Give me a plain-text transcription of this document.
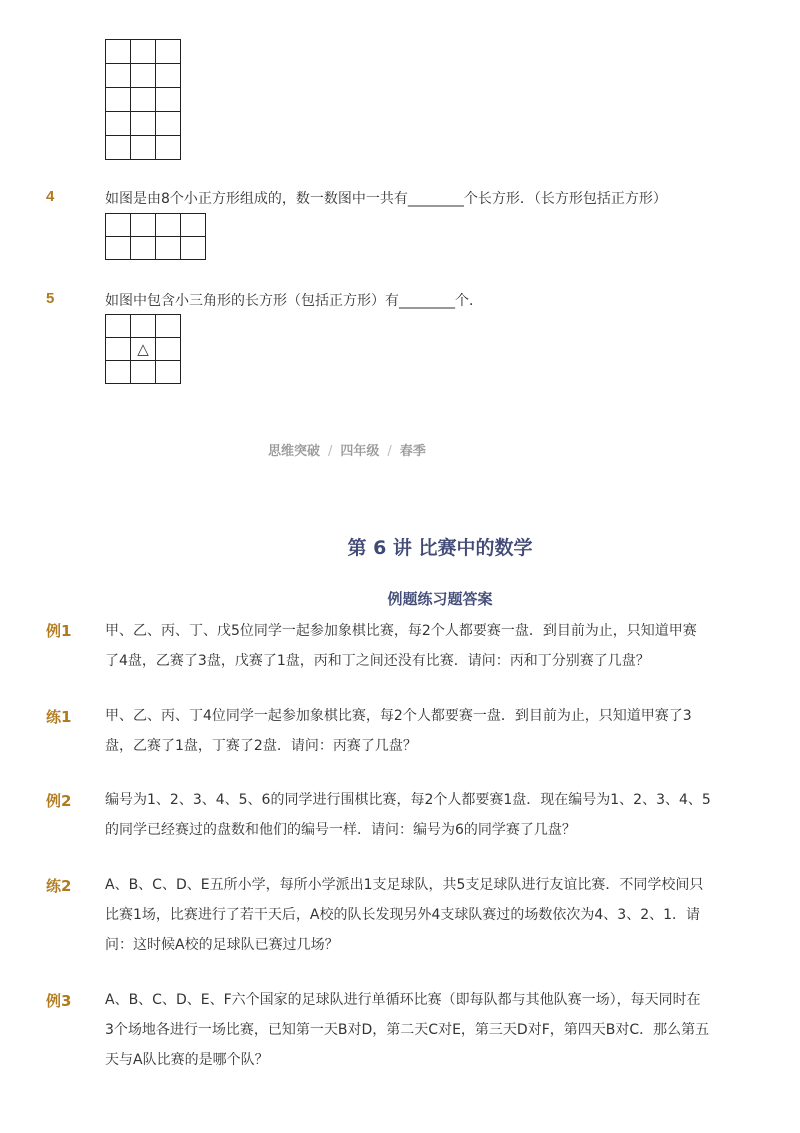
4	如图是由8个小正方形组成的，数一数图中一共有________个长方形．（长方形包括正方形）

5	如图中包含小三角形的长方形（包括正方形）有________个．

	△	

思维突破 / 四年级 / 春季
第 6 讲 比赛中的数学
例题练习题答案
例1 甲、乙、丙、丁、戊5位同学一起参加象棋比赛，每2个人都要赛一盘．到目前为止，只知道甲赛
了4盘，乙赛了3盘，戊赛了1盘，丙和丁之间还没有比赛．请问：丙和丁分别赛了几盘？
练1 甲、乙、丙、丁4位同学一起参加象棋比赛，每2个人都要赛一盘．到目前为止，只知道甲赛了3
盘，乙赛了1盘，丁赛了2盘．请问：丙赛了几盘？
例2 编号为1、2、3、4、5、6的同学进行围棋比赛，每2个人都要赛1盘．现在编号为1、2、3、4、5
的同学已经赛过的盘数和他们的编号一样．请问：编号为6的同学赛了几盘？
练2 A、B、C、D、E五所小学，每所小学派出1支足球队，共5支足球队进行友谊比赛．不同学校间只
比赛1场，比赛进行了若干天后，A校的队长发现另外4支球队赛过的场数依次为4、3、2、1．请
问：这时候A校的足球队已赛过几场？
例3 A、B、C、D、E、F六个国家的足球队进行单循环比赛（即每队都与其他队赛一场），每天同时在
3个场地各进行一场比赛，已知第一天B对D，第二天C对E，第三天D对F，第四天B对C．那么第五
天与A队比赛的是哪个队？
